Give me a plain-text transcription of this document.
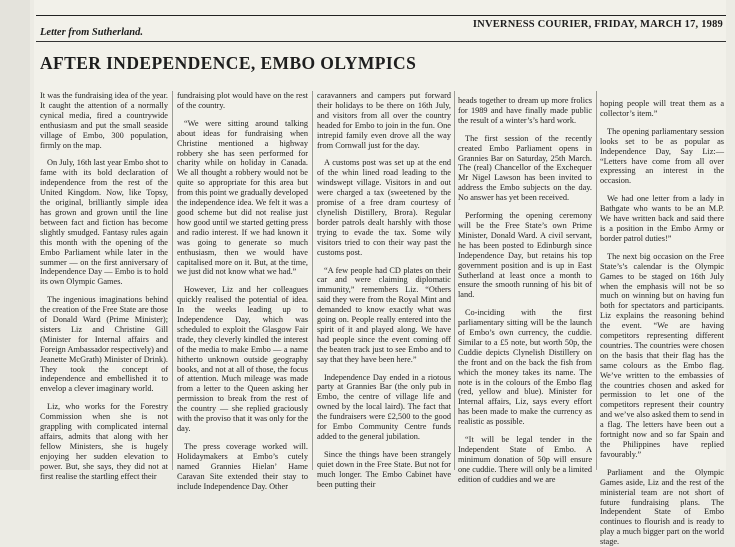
INVERNESS COURIER, FRIDAY, MARCH 17, 1989
Letter from Sutherland.
AFTER INDEPENDENCE, EMBO OLYMPICS

It was the fundraising idea of the year. It caught the attention of a normally cynical media, fired a countrywide enthusiasm and put the small seaside village of Embo, 300 population, firmly on the map.

On July, 16th last year Embo shot to fame with its bold declaration of independence from the rest of the United Kingdom. Now, like Topsy, the original, brilliantly simple idea has grown and grown until the line between fact and fiction has become slightly smudged. Fantasy rules again this month with the opening of the Embo Parliament while later in the summer — on the first anniversary of Independence Day — Embo is to hold its own Olympic Games.

The ingenious imaginations behind the creation of the Free State are those of Donald Ward (Prime Minister); sisters Liz and Christine Gill (Minister for Internal affairs and Foreign Ambassador respectively) and Jeanette McGrath) Minister of Drink). They took the concept of independence and embellished it to envelop a clever imaginary world.

Liz, who works for the Forestry Commission when she is not grappling with complicated internal affairs, admits that along with her fellow Ministers, she is hugely enjoying her sudden elevation to power. But, she says, they did not at first realise the startling effect their

fundraising plot would have on the rest of the country.

“We were sitting around talking about ideas for fundraising when Christine mentioned a highway robbery she has seen performed for charity while on holiday in Canada. We all thought a robbery would not be quite so appropriate for this area but from this point we gradually developed the independence idea. We felt it was a good scheme but did not realise just how good until we started getting press and radio interest. If we had known it was going to generate so much enthusiasm, then we would have capitalised more on it. But, at the time, we just did not know what we had.”

However, Liz and her colleagues quickly realised the potential of idea. In the weeks leading up to Independence Day, which was scheduled to exploit the Glasgow Fair trade, they cleverly kindled the interest of the media to make Embo — a name hitherto unknown outside geography books, and not at all of those, the focus of attention. Much mileage was made from a letter to the Queen asking her permission to break from the rest of the country — she replied graciously with the proviso that it was only for the day.

The press coverage worked will. Holidaymakers at Embo’s cutely named Grannies Hielan’ Hame Caravan Site extended their stay to include Independence Day. Other

caravanners and campers put forward their holidays to be there on 16th July, and visitors from all over the country headed for Embo to join in the fun. One intrepid family even drove all the way from Cornwall just for the day.

A customs post was set up at the end of the whin lined road leading to the windswept village. Visitors in and out were charged a tax (sweetened by the promise of a free dram courtesy of clynelish Distillery, Brora). Regular border patrols dealt harshly with those trying to evade the tax. Some wily visitors tried to con their way past the customs post.

“A few people had CD plates on their car and were claiming diplomatic immunity,” remembers Liz. “Others said they were from the Royal Mint and demanded to know exactly what was going on. People really entered into the spirit of it and played along. We have had people since the event coming off the beaten track just to see Embo and to say that they have been here.”

Independence Day ended in a riotous party at Grannies Bar (the only pub in Embo, the centre of village life and owned by the local laird). The fact that the fundraisers were £2,500 to the good for Embo Community Centre funds added to the general jubilation.

Since the things have been strangely quiet down in the Free State. But not for much longer. The Embo Cabinet have been putting their

heads together to dream up more frolics for 1989 and have finally made public the result of a winter’s’s hard work.

The first session of the recently created Embo Parliament opens in Grannies Bar on Saturday, 25th March. The (real) Chancellor of the Exchequer Mr Nigel Lawson has been invited to address the Embo subjects on the day. No answer has yet been received.

Performing the opening ceremony will be the Free State’s own Prime Minister, Donald Ward. A civil servant, he has been posted to Edinburgh since Independence Day, but retains his top government position and is up in East Sutherland at least once a month to ensure the smooth running of his bit of land.

Co-inciding with the first parliamentary sitting will be the launch of Embo’s own currency, the cuddie. Similar to a £5 note, but worth 50p, the Cuddie depicts Clynelish Distillery on the front and on the back the fish from which the money takes its name. The note is in the colours of the Embo flag (red, yellow and blue). Minister for Internal affairs, Liz, says every effort has been made to make the currency as realistic as possible.

“It will be legal tender in the Independent State of Embo. A minimum donation of 50p will ensure one cuddie. There will only be a limited edition of cuddies and we are

hoping people will treat them as a collector’s item.”

The opening parliamentary session looks set to be as popular as Independence Day, Say Liz:— “Letters have come from all over expressing an interest in the occasion.

We had one letter from a lady in Bathgate who wants to be an M.P. We have written back and said there is a position in the Embo Army or border patrol duties!”

The next big occasion on the Free State’s’s calendar is the Olympic Games to be staged on 16th July when the emphasis will not be so much on winning but on having fun both for spectators and participants. Liz explains the reasoning behind the event. “We are having competitors representing different countries. The countries were chosen on the basis that their flag has the same colours as the Embo flag. We’ve written to the embassies of the countries chosen and asked for permission to let one of the competitors represent their country and we’ve also asked them to send in a flag. The letters have been out a fortnight now and so far Spain and the Philippines have replied favourably.”

Parliament and the Olympic Games aside, Liz and the rest of the ministerial team are not short of future fundraising plans. The Independent State of Embo continues to flourish and is ready to play a much bigger part on the world stage.
